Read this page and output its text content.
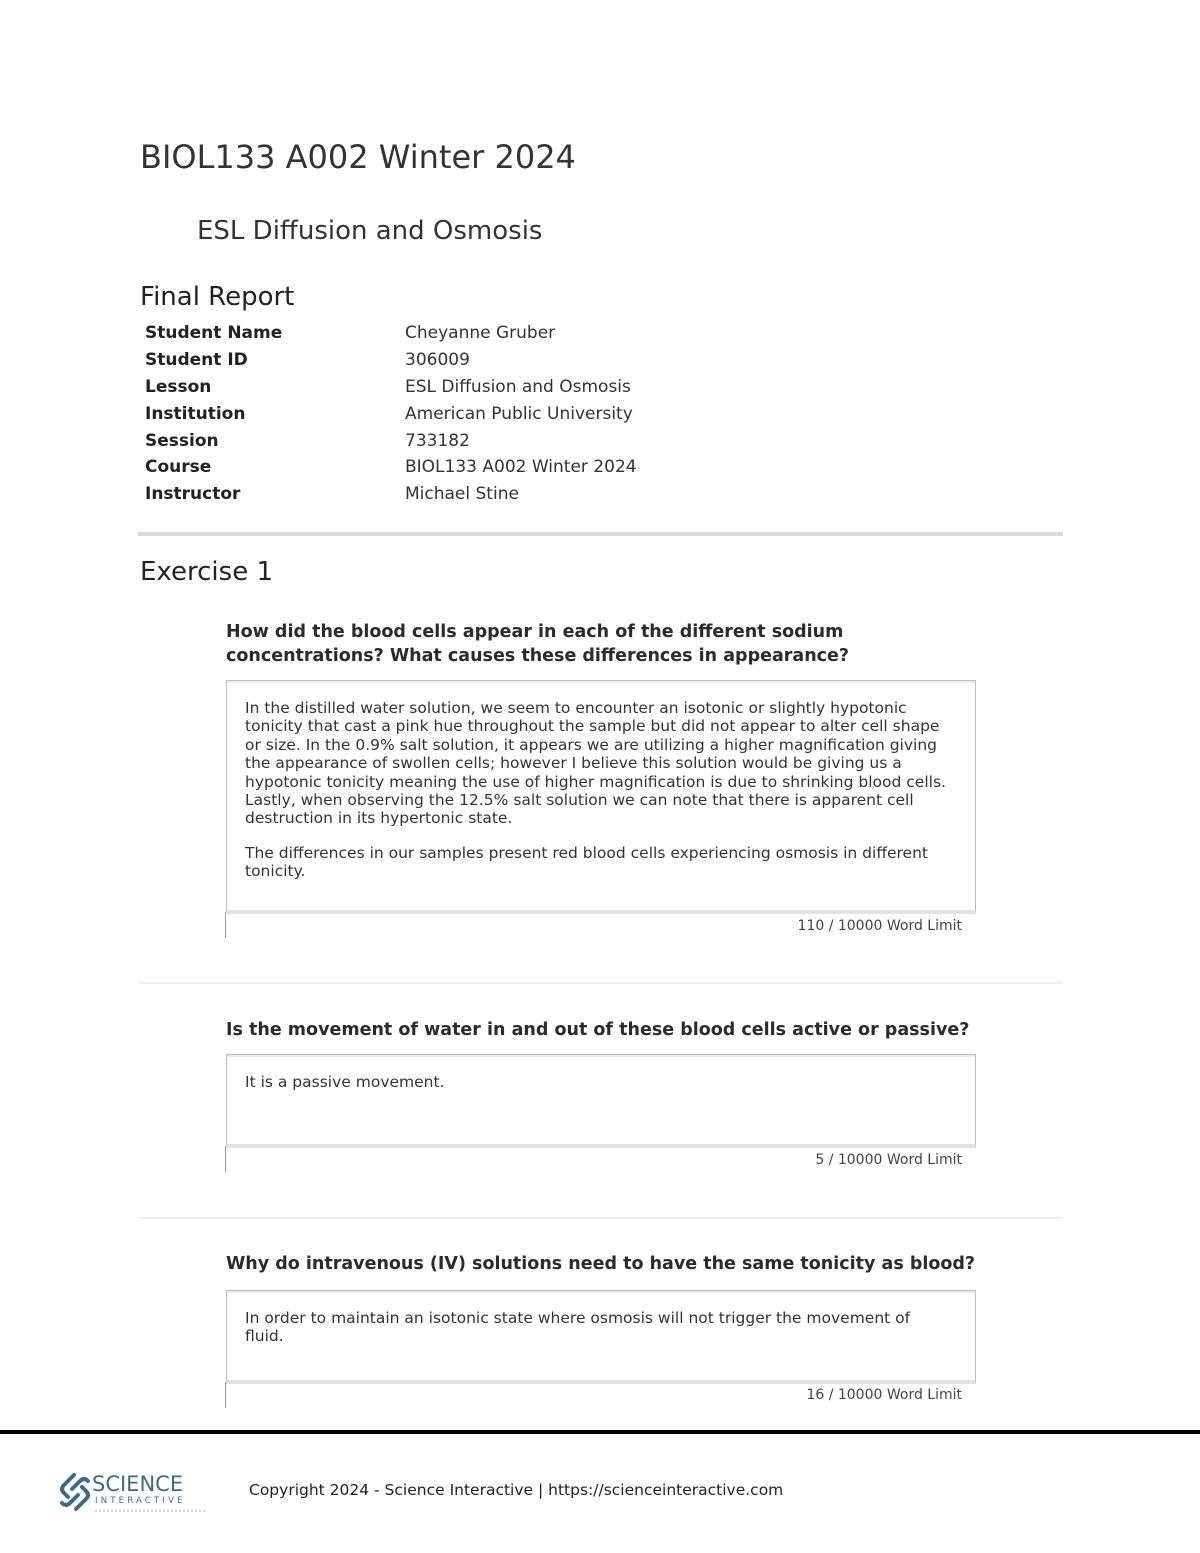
BIOL133 A002 Winter 2024
ESL Diffusion and Osmosis
Final Report
Student Name	Cheyanne Gruber
Student ID	306009
Lesson	ESL Diffusion and Osmosis
Institution	American Public University
Session	733182
Course	BIOL133 A002 Winter 2024
Instructor	Michael Stine
Exercise 1

How did the blood cells appear in each of the different sodium concentrations? What causes these differences in appearance?

In the distilled water solution, we seem to encounter an isotonic or slightly hypotonic tonicity that cast a pink hue throughout the sample but did not appear to alter cell shape or size. In the 0.9% salt solution, it appears we are utilizing a higher magnification giving the appearance of swollen cells; however I believe this solution would be giving us a hypotonic tonicity meaning the use of higher magnification is due to shrinking blood cells. Lastly, when observing the 12.5% salt solution we can note that there is apparent cell destruction in its hypertonic state.

The differences in our samples present red blood cells experiencing osmosis in different tonicity.

110 / 10000 Word Limit

Is the movement of water in and out of these blood cells active or passive?

It is a passive movement.

5 / 10000 Word Limit

Why do intravenous (IV) solutions need to have the same tonicity as blood?

In order to maintain an isotonic state where osmosis will not trigger the movement of fluid.

16 / 10000 Word Limit
SCIENCE
INTERACTIVE
Copyright 2024 - Science Interactive | https://scienceinteractive.com
